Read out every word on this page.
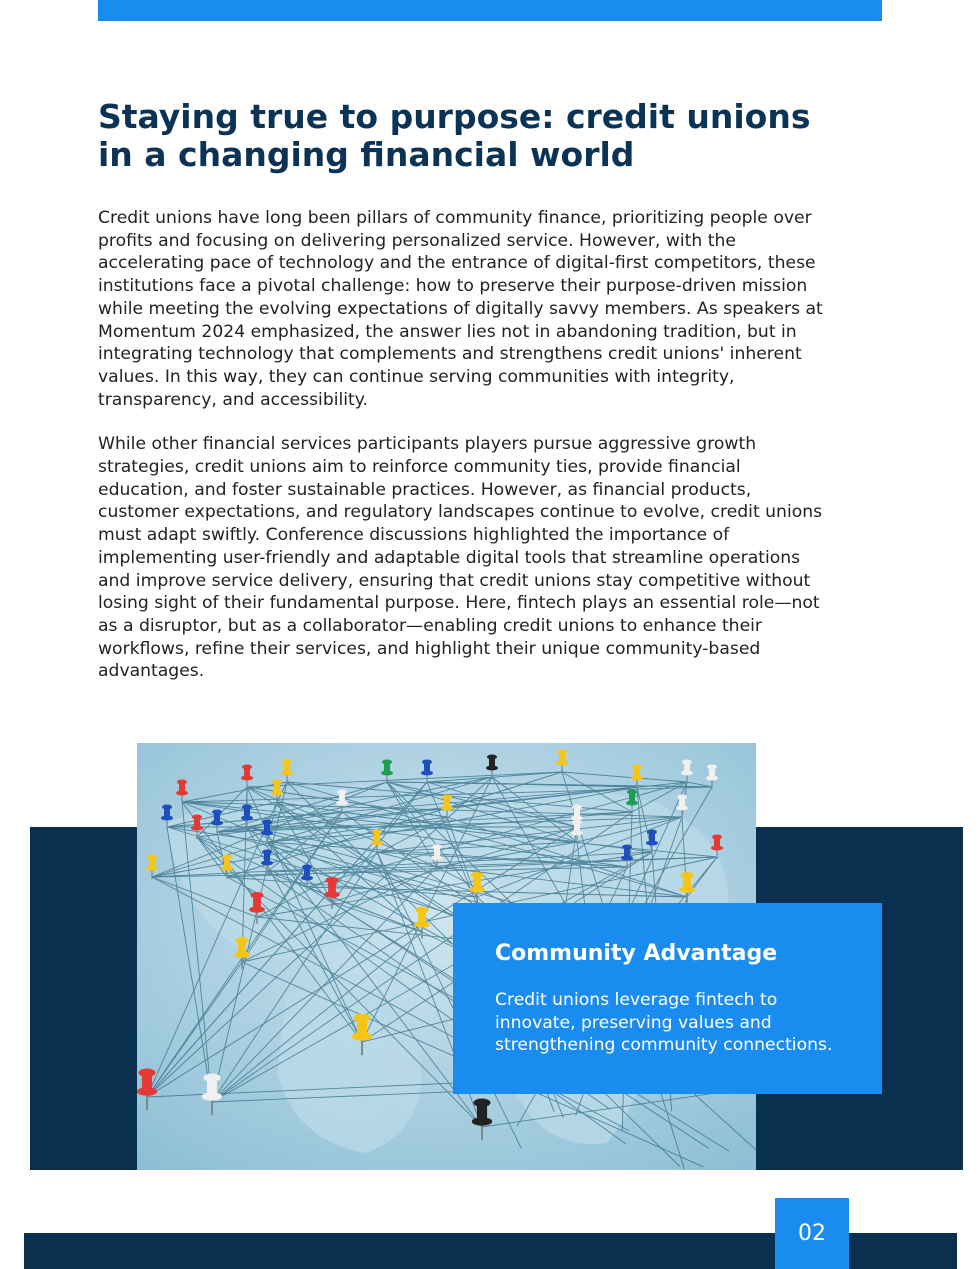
Staying true to purpose: credit unions in a changing financial world

Credit unions have long been pillars of community finance, prioritizing people over profits and focusing on delivering personalized service. However, with the accelerating pace of technology and the entrance of digital-first competitors, these institutions face a pivotal challenge: how to preserve their purpose-driven mission while meeting the evolving expectations of digitally savvy members. As speakers at Momentum 2024 emphasized, the answer lies not in abandoning tradition, but in integrating technology that complements and strengthens credit unions' inherent values. In this way, they can continue serving communities with integrity, transparency, and accessibility.

While other financial services participants players pursue aggressive growth strategies, credit unions aim to reinforce community ties, provide financial education, and foster sustainable practices. However, as financial products, customer expectations, and regulatory landscapes continue to evolve, credit unions must adapt swiftly. Conference discussions highlighted the importance of implementing user-friendly and adaptable digital tools that streamline operations and improve service delivery, ensuring that credit unions stay competitive without losing sight of their fundamental purpose. Here, fintech plays an essential role—not as a disruptor, but as a collaborator—enabling credit unions to enhance their workflows, refine their services, and highlight their unique community-based advantages.

Community Advantage

Credit unions leverage fintech to innovate, preserving values and strengthening community connections.

02
